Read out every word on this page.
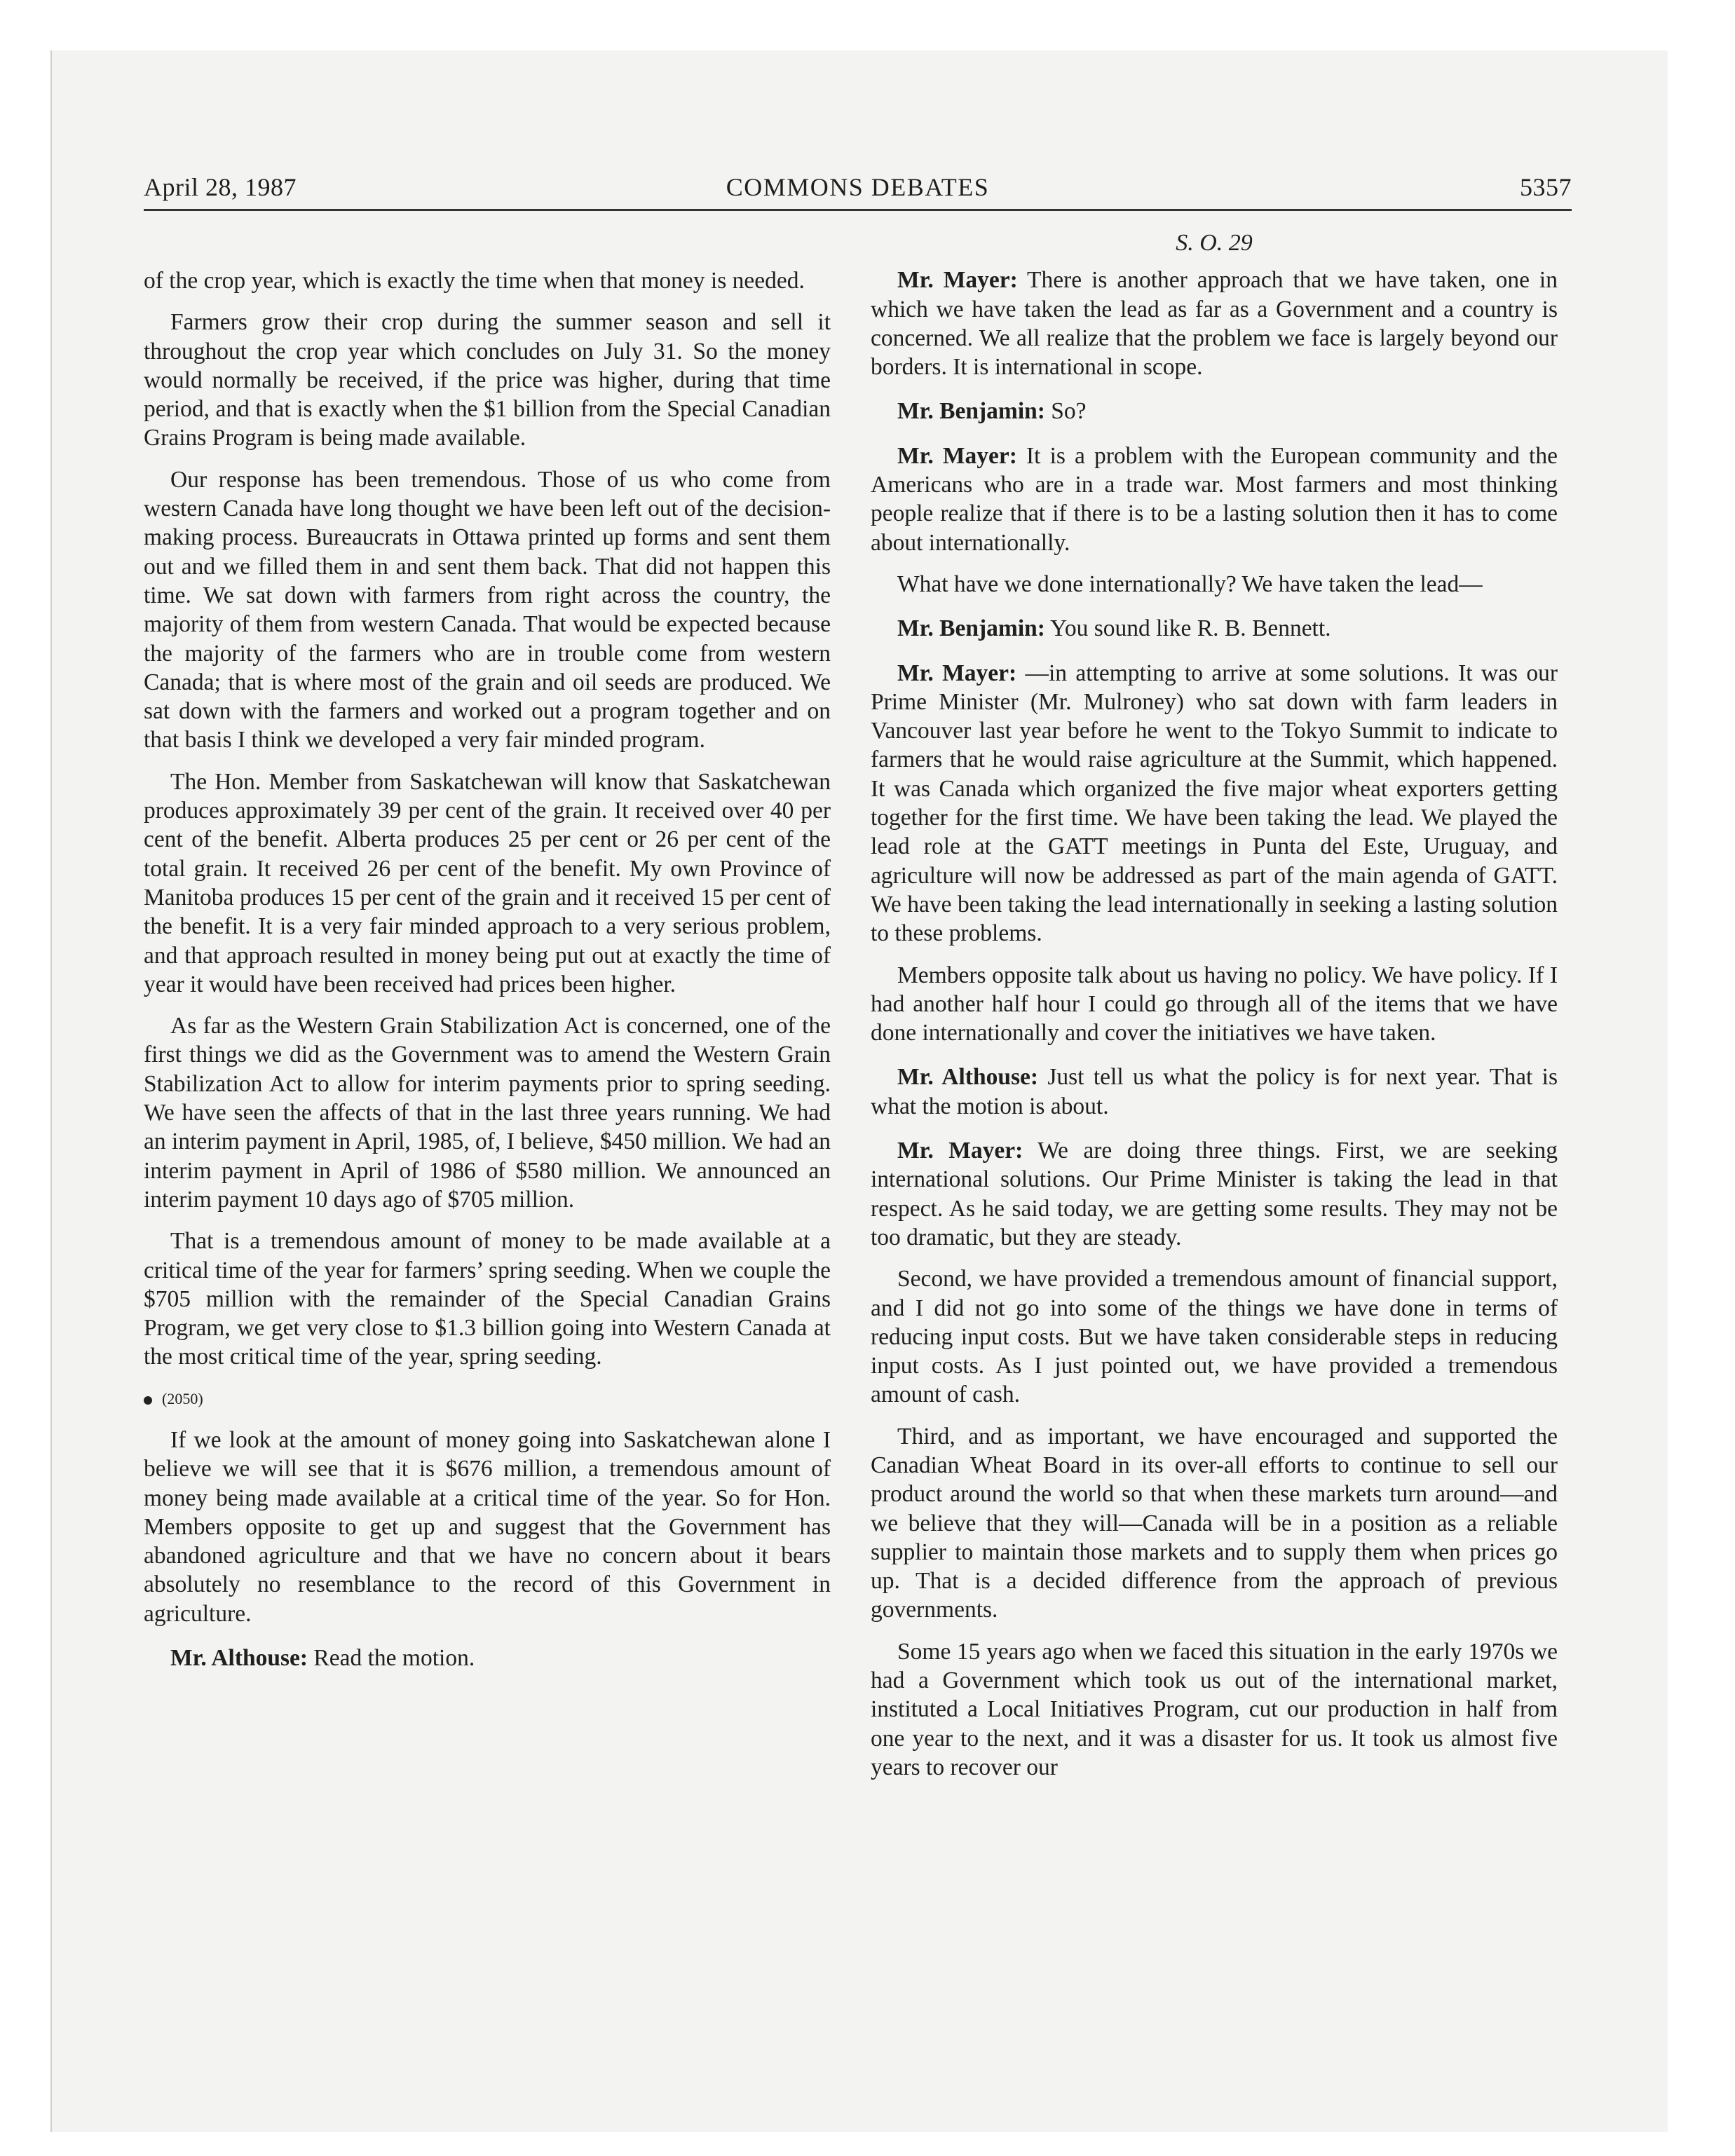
April 28, 1987	COMMONS DEBATES	5357

of the crop year, which is exactly the time when that money is needed.

Farmers grow their crop during the summer season and sell it throughout the crop year which concludes on July 31. So the money would normally be received, if the price was higher, during that time period, and that is exactly when the $1 billion from the Special Canadian Grains Program is being made available.

Our response has been tremendous. Those of us who come from western Canada have long thought we have been left out of the decision-making process. Bureaucrats in Ottawa printed up forms and sent them out and we filled them in and sent them back. That did not happen this time. We sat down with farmers from right across the country, the majority of them from western Canada. That would be expected because the majority of the farmers who are in trouble come from western Canada; that is where most of the grain and oil seeds are produced. We sat down with the farmers and worked out a program together and on that basis I think we developed a very fair minded program.

The Hon. Member from Saskatchewan will know that Saskatchewan produces approximately 39 per cent of the grain. It received over 40 per cent of the benefit. Alberta produces 25 per cent or 26 per cent of the total grain. It received 26 per cent of the benefit. My own Province of Manitoba produces 15 per cent of the grain and it received 15 per cent of the benefit. It is a very fair minded approach to a very serious problem, and that approach resulted in money being put out at exactly the time of year it would have been received had prices been higher.

As far as the Western Grain Stabilization Act is concerned, one of the first things we did as the Government was to amend the Western Grain Stabilization Act to allow for interim payments prior to spring seeding. We have seen the affects of that in the last three years running. We had an interim payment in April, 1985, of, I believe, $450 million. We had an interim payment in April of 1986 of $580 million. We announced an interim payment 10 days ago of $705 million.

That is a tremendous amount of money to be made available at a critical time of the year for farmers’ spring seeding. When we couple the $705 million with the remainder of the Special Canadian Grains Program, we get very close to $1.3 billion going into Western Canada at the most critical time of the year, spring seeding.

(2050)

If we look at the amount of money going into Saskatchewan alone I believe we will see that it is $676 million, a tremendous amount of money being made available at a critical time of the year. So for Hon. Members opposite to get up and suggest that the Government has abandoned agriculture and that we have no concern about it bears absolutely no resemblance to the record of this Government in agriculture.

Mr. Althouse: Read the motion.

S. O. 29

Mr. Mayer: There is another approach that we have taken, one in which we have taken the lead as far as a Government and a country is concerned. We all realize that the problem we face is largely beyond our borders. It is international in scope.

Mr. Benjamin: So?

Mr. Mayer: It is a problem with the European community and the Americans who are in a trade war. Most farmers and most thinking people realize that if there is to be a lasting solution then it has to come about internationally.

What have we done internationally? We have taken the lead—

Mr. Benjamin: You sound like R. B. Bennett.

Mr. Mayer: —in attempting to arrive at some solutions. It was our Prime Minister (Mr. Mulroney) who sat down with farm leaders in Vancouver last year before he went to the Tokyo Summit to indicate to farmers that he would raise agriculture at the Summit, which happened. It was Canada which organized the five major wheat exporters getting together for the first time. We have been taking the lead. We played the lead role at the GATT meetings in Punta del Este, Uruguay, and agriculture will now be addressed as part of the main agenda of GATT. We have been taking the lead internationally in seeking a lasting solution to these problems.

Members opposite talk about us having no policy. We have policy. If I had another half hour I could go through all of the items that we have done internationally and cover the initiatives we have taken.

Mr. Althouse: Just tell us what the policy is for next year. That is what the motion is about.

Mr. Mayer: We are doing three things. First, we are seeking international solutions. Our Prime Minister is taking the lead in that respect. As he said today, we are getting some results. They may not be too dramatic, but they are steady.

Second, we have provided a tremendous amount of financial support, and I did not go into some of the things we have done in terms of reducing input costs. But we have taken considerable steps in reducing input costs. As I just pointed out, we have provided a tremendous amount of cash.

Third, and as important, we have encouraged and supported the Canadian Wheat Board in its over-all efforts to continue to sell our product around the world so that when these markets turn around—and we believe that they will—Canada will be in a position as a reliable supplier to maintain those markets and to supply them when prices go up. That is a decided difference from the approach of previous governments.

Some 15 years ago when we faced this situation in the early 1970s we had a Government which took us out of the international market, instituted a Local Initiatives Program, cut our production in half from one year to the next, and it was a disaster for us. It took us almost five years to recover our
